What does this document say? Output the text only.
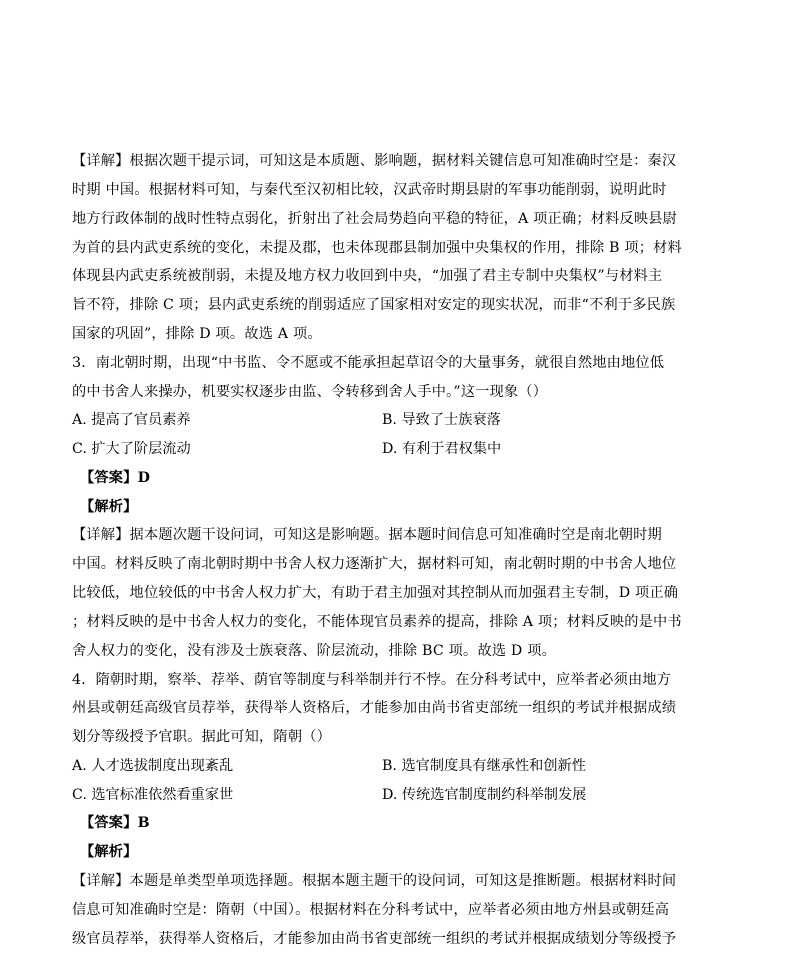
【详解】根据次题干提示词，可知这是本质题、影响题，据材料关键信息可知准确时空是：秦汉
时期 中国。根据材料可知，与秦代至汉初相比较，汉武帝时期县尉的军事功能削弱，说明此时
地方行政体制的战时性特点弱化，折射出了社会局势趋向平稳的特征，A 项正确；材料反映县尉
为首的县内武吏系统的变化，未提及郡，也未体现郡县制加强中央集权的作用，排除 B 项；材料
体现县内武吏系统被削弱，未提及地方权力收回到中央，“加强了君主专制中央集权”与材料主
旨不符，排除 C 项；县内武吏系统的削弱适应了国家相对安定的现实状况，而非“不利于多民族
国家的巩固”，排除 D 项。故选 A 项。
3．南北朝时期，出现“中书监、令不愿或不能承担起草诏令的大量事务，就很自然地由地位低
的中书舍人来操办，机要实权逐步由监、令转移到舍人手中。”这一现象（）
A. 提高了官员素养	B. 导致了士族衰落
C. 扩大了阶层流动	D. 有利于君权集中
【答案】D
【解析】
【详解】据本题次题干设问词，可知这是影响题。据本题时间信息可知准确时空是南北朝时期
中国。材料反映了南北朝时期中书舍人权力逐渐扩大，据材料可知，南北朝时期的中书舍人地位
比较低，地位较低的中书舍人权力扩大，有助于君主加强对其控制从而加强君主专制，D 项正确
；材料反映的是中书舍人权力的变化，不能体现官员素养的提高，排除 A 项；材料反映的是中书
舍人权力的变化，没有涉及士族衰落、阶层流动，排除 BC 项。故选 D 项。
4．隋朝时期，察举、荐举、荫官等制度与科举制并行不悖。在分科考试中，应举者必须由地方
州县或朝廷高级官员荐举，获得举人资格后，才能参加由尚书省吏部统一组织的考试并根据成绩
划分等级授予官职。据此可知，隋朝（）
A. 人才选拔制度出现紊乱	B. 选官制度具有继承性和创新性
C. 选官标准依然看重家世	D. 传统选官制度制约科举制发展
【答案】B
【解析】
【详解】本题是单类型单项选择题。根据本题主题干的设问词，可知这是推断题。根据材料时间
信息可知准确时空是：隋朝（中国）。根据材料在分科考试中，应举者必须由地方州县或朝廷高
级官员荐举，获得举人资格后，才能参加由尚书省吏部统一组织的考试并根据成绩划分等级授予
